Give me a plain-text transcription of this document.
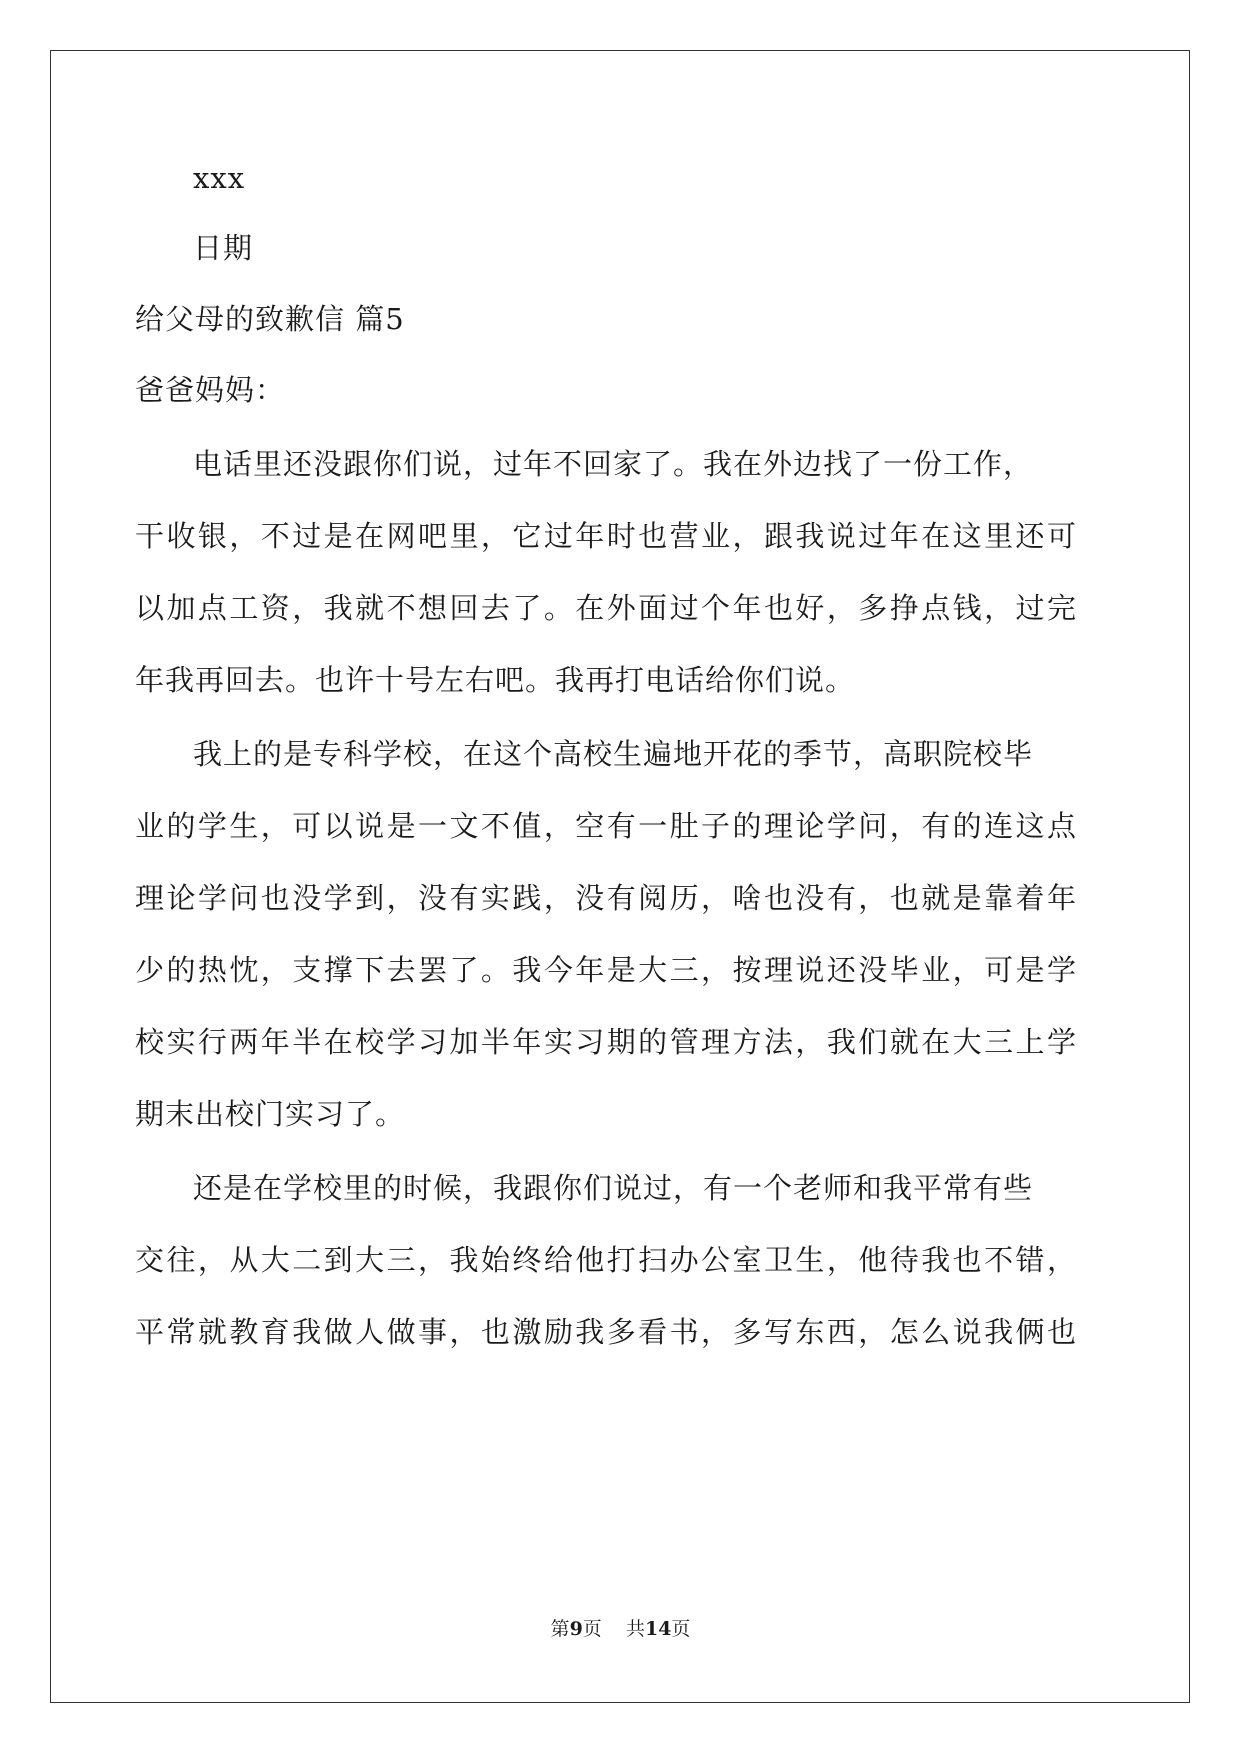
xxx
日期
给父母的致歉信 篇5
爸爸妈妈：
电话里还没跟你们说，过年不回家了。我在外边找了一份工作，
干收银，不过是在网吧里，它过年时也营业，跟我说过年在这里还可
以加点工资，我就不想回去了。在外面过个年也好，多挣点钱，过完
年我再回去。也许十号左右吧。我再打电话给你们说。
我上的是专科学校，在这个高校生遍地开花的季节，高职院校毕
业的学生，可以说是一文不值，空有一肚子的理论学问，有的连这点
理论学问也没学到，没有实践，没有阅历，啥也没有，也就是靠着年
少的热忱，支撑下去罢了。我今年是大三，按理说还没毕业，可是学
校实行两年半在校学习加半年实习期的管理方法，我们就在大三上学
期末出校门实习了。
还是在学校里的时候，我跟你们说过，有一个老师和我平常有些
交往，从大二到大三，我始终给他打扫办公室卫生，他待我也不错，
平常就教育我做人做事，也激励我多看书，多写东西，怎么说我俩也
第9页    共14页
